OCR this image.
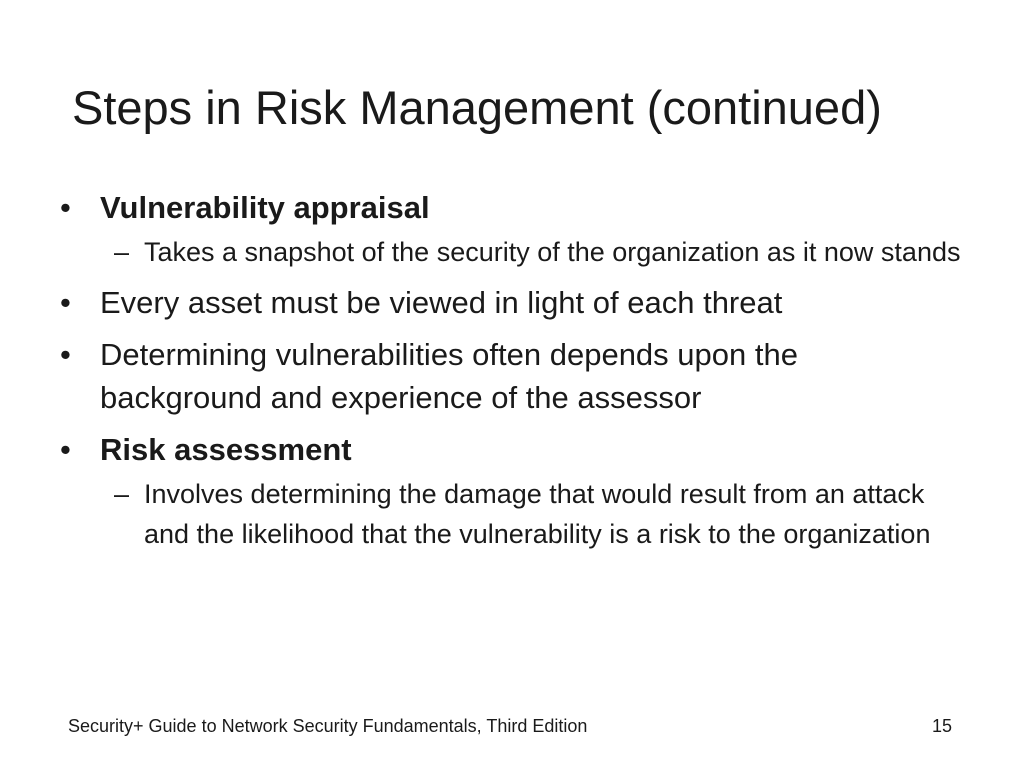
Steps in Risk Management (continued)
• Vulnerability appraisal
– Takes a snapshot of the security of the organization as it now stands
• Every asset must be viewed in light of each threat
• Determining vulnerabilities often depends upon the background and experience of the assessor
• Risk assessment
– Involves determining the damage that would result from an attack and the likelihood that the vulnerability is a risk to the organization
Security+ Guide to Network Security Fundamentals, Third Edition	15
